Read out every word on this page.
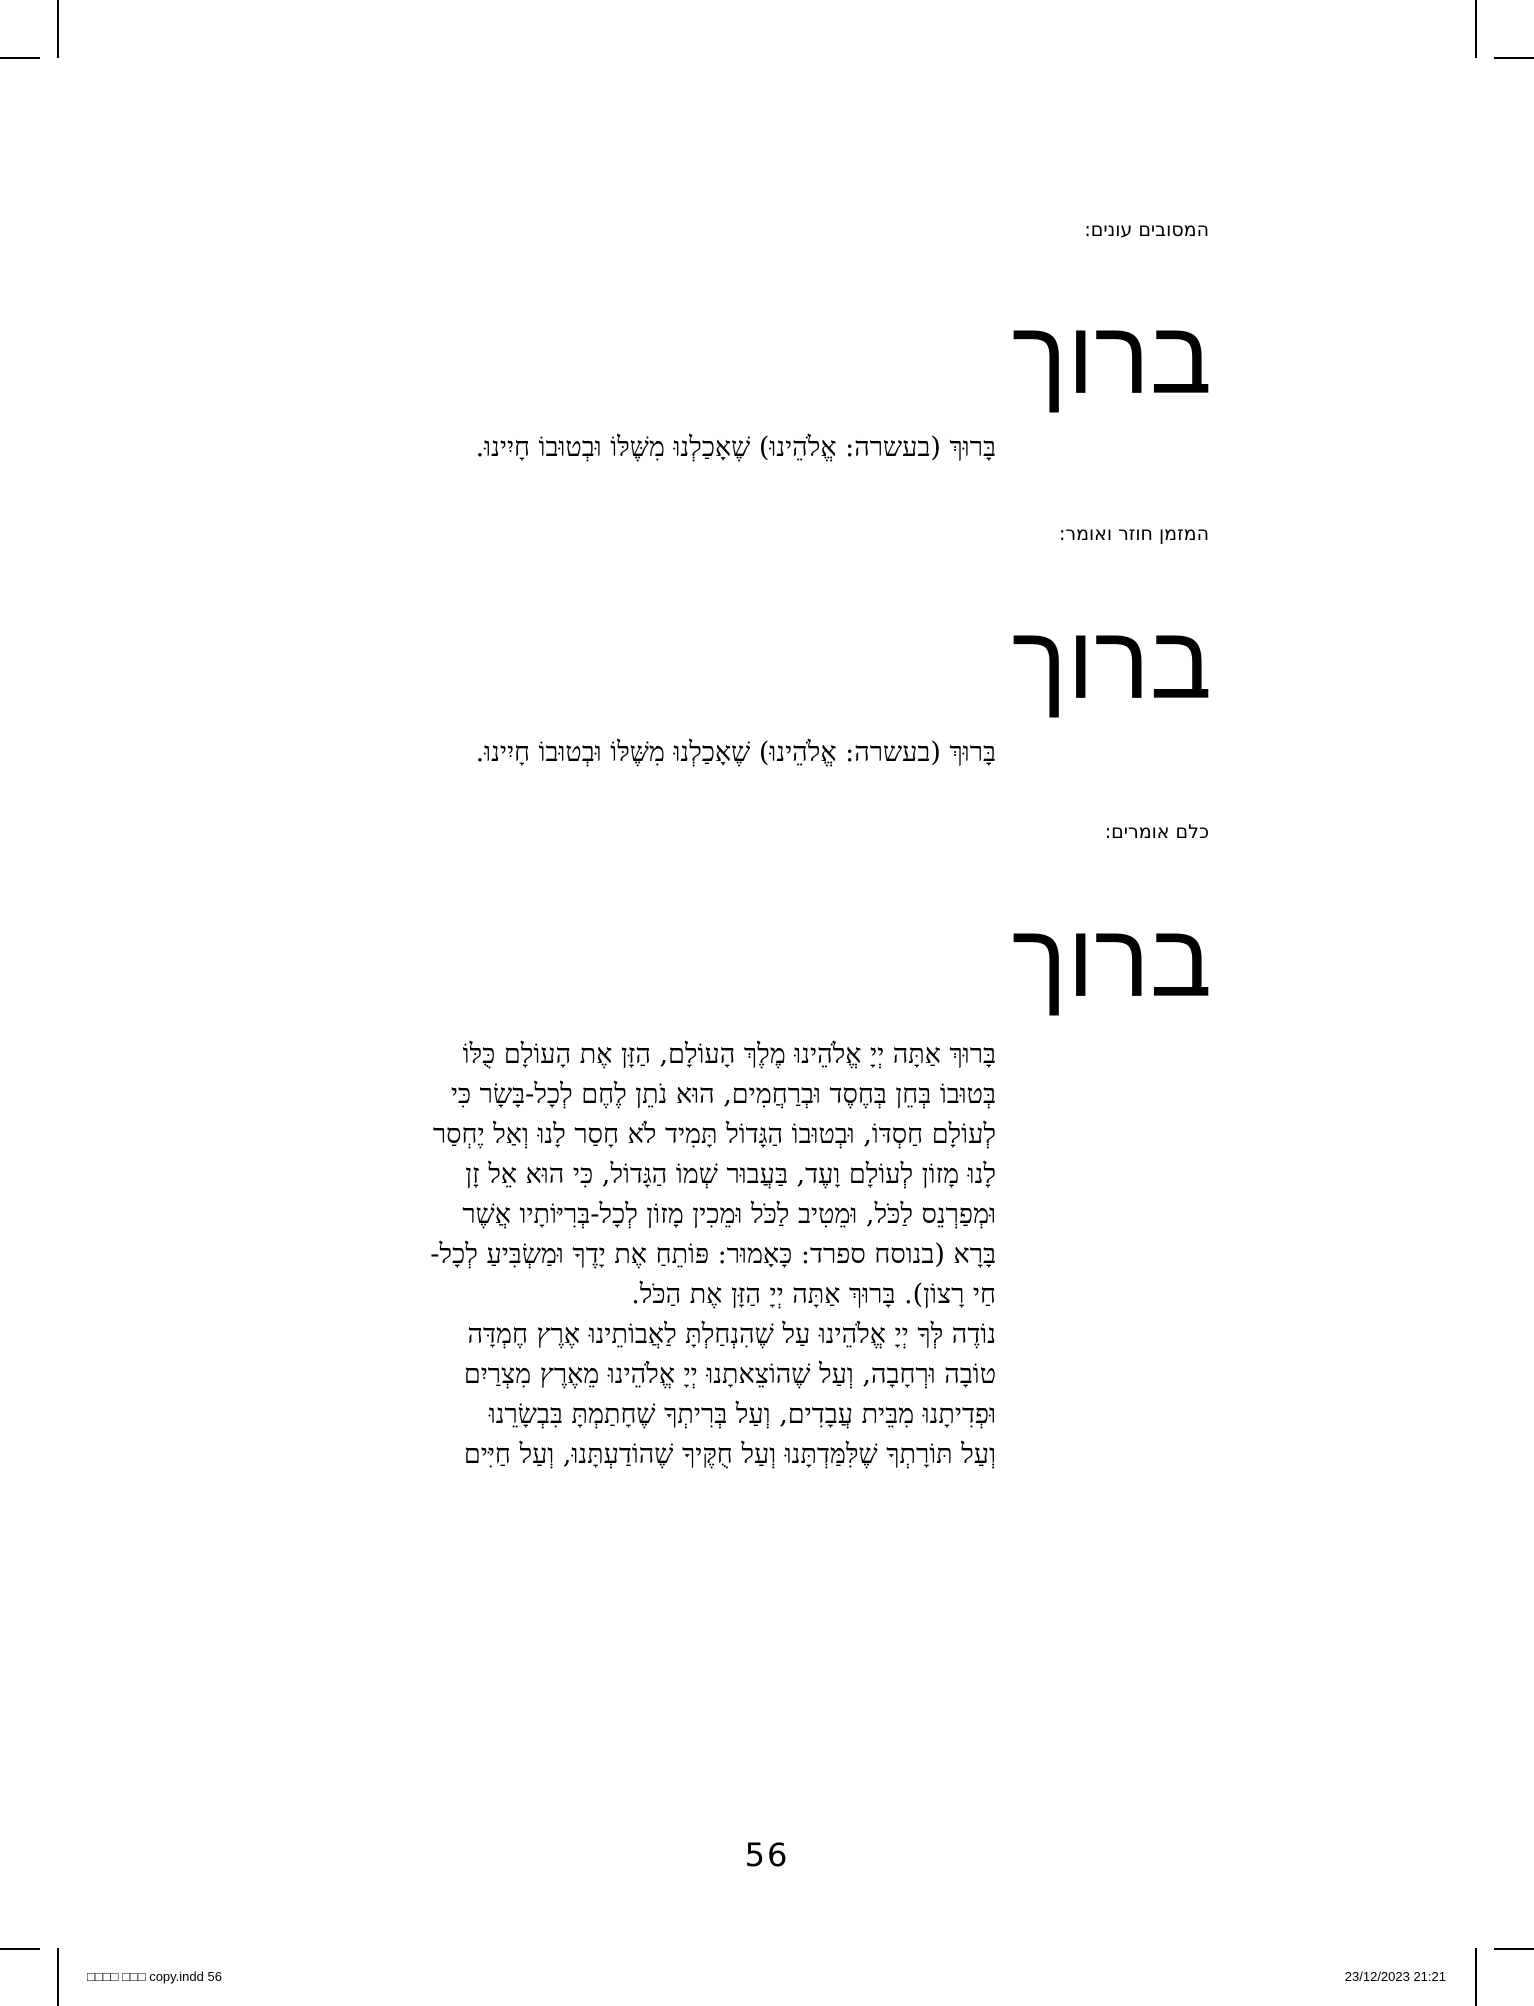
המסובים עונים:
ברוך
בָּרוּךְ (בעשרה: אֱלֹהֵינוּ) שֶׁאָכַלְנוּ מִשֶּׁלּוֹ וּבְטוּבוֹ חָיִינוּ.
המזמן חוזר ואומר:
ברוך
בָּרוּךְ (בעשרה: אֱלֹהֵינוּ) שֶׁאָכַלְנוּ מִשֶּׁלּוֹ וּבְטוּבוֹ חָיִינוּ.
כלם אומרים:
ברוך
בָּרוּךְ אַתָּה יְיָ אֱלֹהֵינוּ מֶלֶךְ הָעוֹלָם, הַזָּן אֶת הָעוֹלָם כֻּלּוֹ
בְּטוּבוֹ בְּחֵן בְּחֶסֶד וּבְרַחֲמִים, הוּא נֹתֵן לֶחֶם לְכָל-בָּשָׂר כִּי
לְעוֹלָם חַסְדּוֹ, וּבְטוּבוֹ הַגָּדוֹל תָּמִיד לֹא חָסַר לָנוּ וְאַל יֶחְסַר
לָנוּ מָזוֹן לְעוֹלָם וָעֶד, בַּעֲבוּר שְׁמוֹ הַגָּדוֹל, כִּי הוּא אֵל זָן
וּמְפַרְנֵס לַכֹּל, וּמֵטִיב לַכֹּל וּמֵכִין מָזוֹן לְכָל-בְּרִיּוֹתָיו אֲשֶׁר
בָּרָא (בנוסח ספרד: כָּאָמוּר: פּוֹתֵחַ אֶת יָדֶךָ וּמַשְׂבִּיעַ לְכָל-
חַי רָצוֹן). בָּרוּךְ אַתָּה יְיָ הַזָּן אֶת הַכֹּל.
נוֹדֶה לְּךָ יְיָ אֱלֹהֵינוּ עַל שֶׁהִנְחַלְתָּ לַאֲבוֹתֵינוּ אֶרֶץ חֶמְדָּה
טוֹבָה וּרְחָבָה, וְעַל שֶׁהוֹצֵאתָנוּ יְיָ אֱלֹהֵינוּ מֵאֶרֶץ מִצְרַיִם
וּפְדִיתָנוּ מִבֵּית עֲבָדִים, וְעַל בְּרִיתְךָ שֶׁחָתַמְתָּ בִּבְשָׂרֵנוּ
וְעַל תּוֹרָתְךָ שֶׁלִּמַּדְתָּנוּ וְעַל חֻקֶּיךָ שֶׁהוֹדַעְתָּנוּ, וְעַל חַיִּים
56
□□□□ □□□ copy.indd 56	23/12/2023 21:21
